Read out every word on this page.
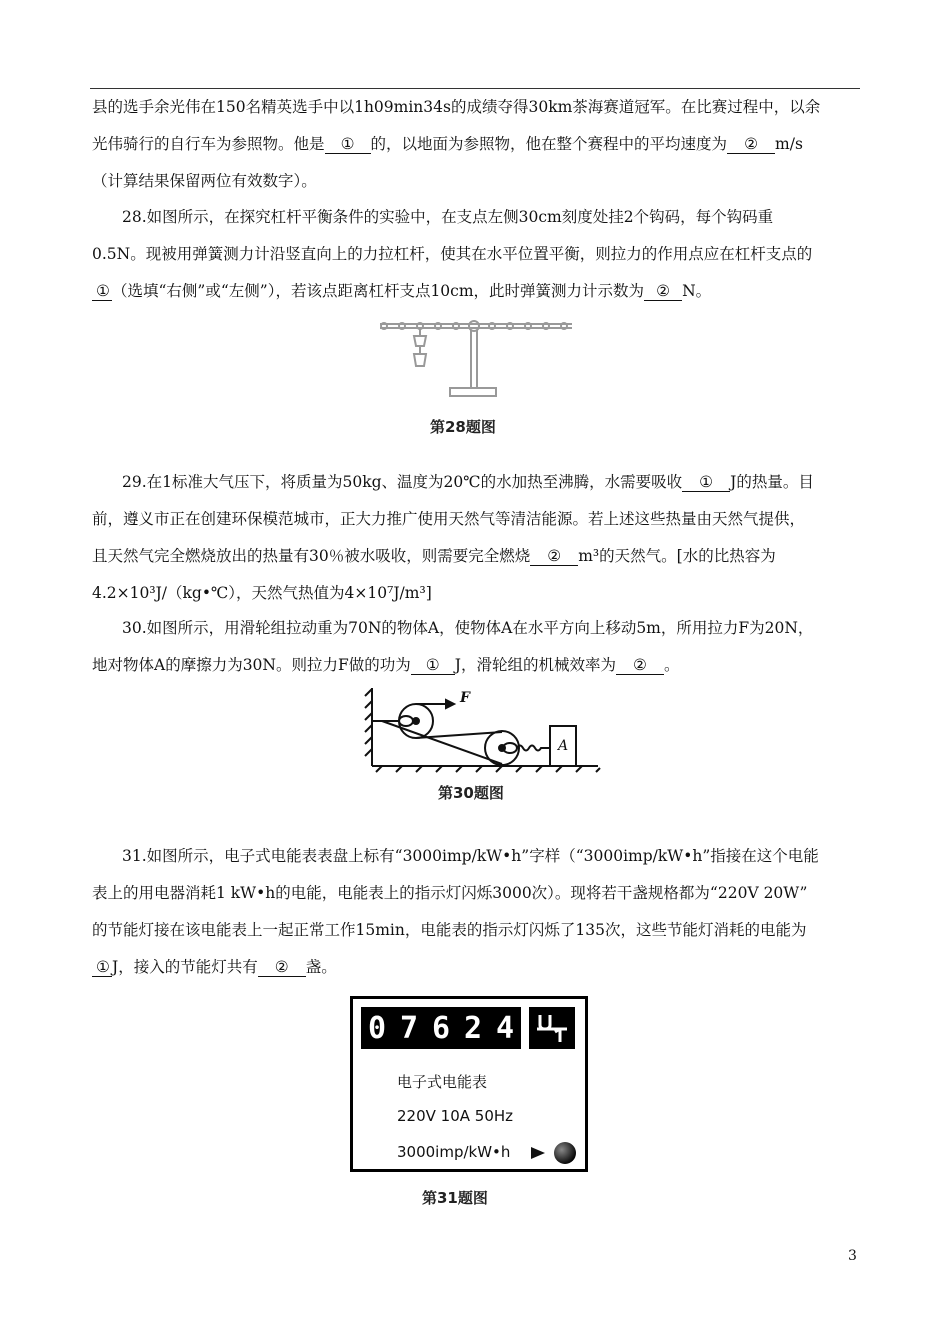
县的选手余光伟在150名精英选手中以1h09min34s的成绩夺得30km茶海赛道冠军。在比赛过程中，以余
光伟骑行的自行车为参照物。他是 ① 的，以地面为参照物，他在整个赛程中的平均速度为 ② m/s
（计算结果保留两位有效数字）。
28.如图所示，在探究杠杆平衡条件的实验中，在支点左侧30cm刻度处挂2个钩码，每个钩码重
0.5N。现被用弹簧测力计沿竖直向上的力拉杠杆，使其在水平位置平衡，则拉力的作用点应在杠杆支点的
① （选填“右侧”或“左侧”），若该点距离杠杆支点10cm，此时弹簧测力计示数为 ② N。
第28题图
29.在1标准大气压下，将质量为50kg、温度为20℃的水加热至沸腾，水需要吸收 ① J的热量。目
前，遵义市正在创建环保模范城市，正大力推广使用天然气等清洁能源。若上述这些热量由天然气提供，
且天然气完全燃烧放出的热量有30％被水吸收，则需要完全燃烧 ② m³的天然气。[水的比热容为
4.2×10³J/（kg•℃），天然气热值为4×10⁷J/m³]
30.如图所示，用滑轮组拉动重为70N的物体A，使物体A在水平方向上移动5m，所用拉力F为20N，
地对物体A的摩擦力为30N。则拉力F做的功为 ① J，滑轮组的机械效率为 ② 。
F
A
第30题图
31.如图所示，电子式电能表表盘上标有“3000imp/kW•h”字样（“3000imp/kW•h”指接在这个电能
表上的用电器消耗1 kW•h的电能，电能表上的指示灯闪烁3000次）。现将若干盏规格都为“220V 20W”
的节能灯接在该电能表上一起正常工作15min，电能表的指示灯闪烁了135次，这些节能灯消耗的电能为
① J，接入的节能灯共有 ② 盏。
0 7 6 2 4
电子式电能表
220V 10A 50Hz
3000imp/kW•h
第31题图
3
